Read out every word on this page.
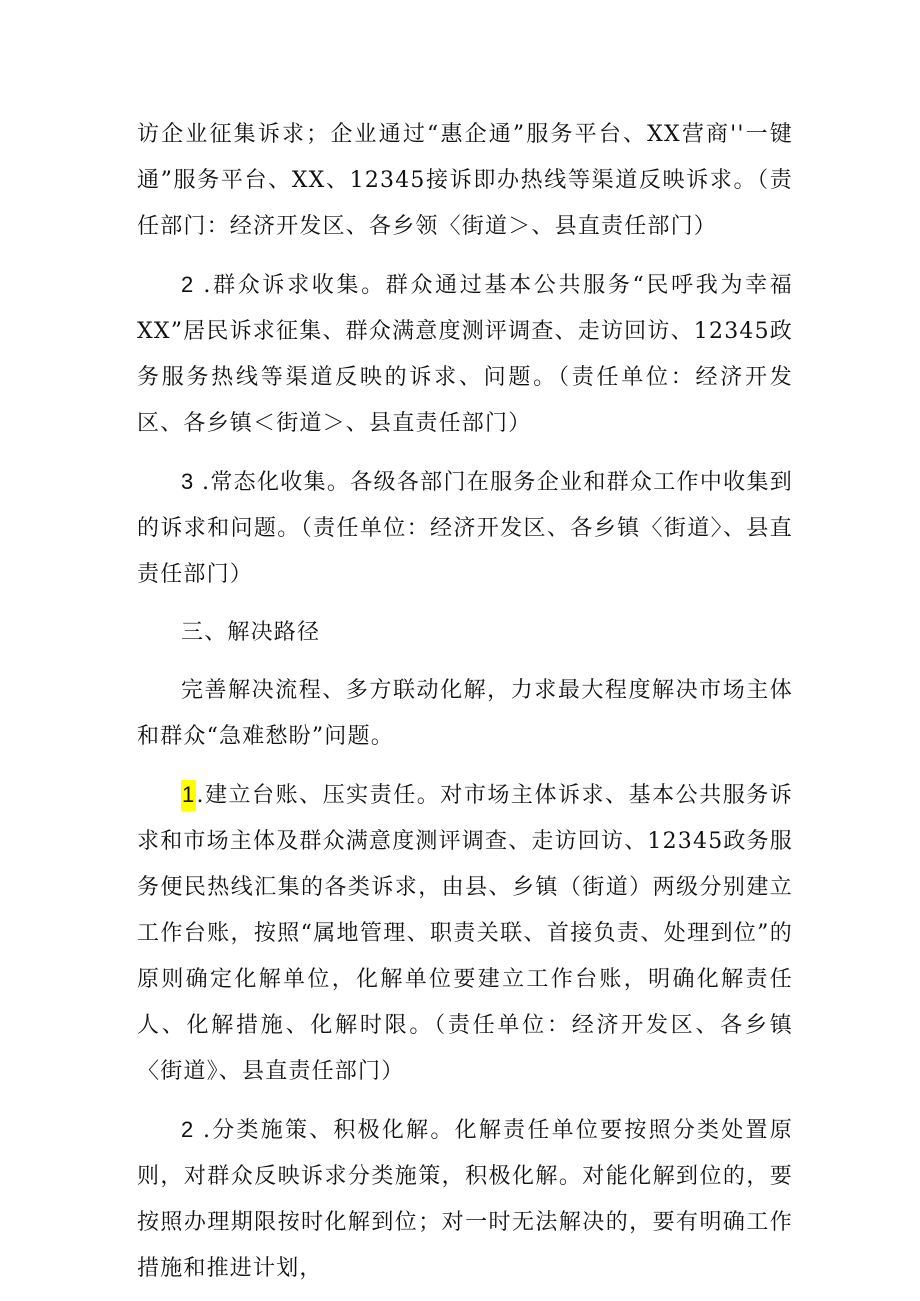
访企业征集诉求；企业通过“惠企通”服务平台、XX营商''一键通”服务平台、XX、12345接诉即办热线等渠道反映诉求。（责任部门：经济开发区、各乡领〈街道＞、县直责任部门）

2 .群众诉求收集。群众通过基本公共服务“民呼我为幸福XX”居民诉求征集、群众满意度测评调查、走访回访、12345政务服务热线等渠道反映的诉求、问题。（责任单位：经济开发区、各乡镇＜街道＞、县直责任部门）

3 .常态化收集。各级各部门在服务企业和群众工作中收集到的诉求和问题。（责任单位：经济开发区、各乡镇〈街道〉、县直责任部门）

三、解决路径

完善解决流程、多方联动化解，力求最大程度解决市场主体和群众“急难愁盼”问题。

1.建立台账、压实责任。对市场主体诉求、基本公共服务诉求和市场主体及群众满意度测评调查、走访回访、12345政务服务便民热线汇集的各类诉求，由县、乡镇（街道）两级分别建立工作台账，按照“属地管理、职责关联、首接负责、处理到位”的原则确定化解单位，化解单位要建立工作台账，明确化解责任人、化解措施、化解时限。（责任单位：经济开发区、各乡镇〈街道》、县直责任部门）

2 .分类施策、积极化解。化解责任单位要按照分类处置原则，对群众反映诉求分类施策，积极化解。对能化解到位的，要按照办理期限按时化解到位；对一时无法解决的，要有明确工作措施和推进计划，
